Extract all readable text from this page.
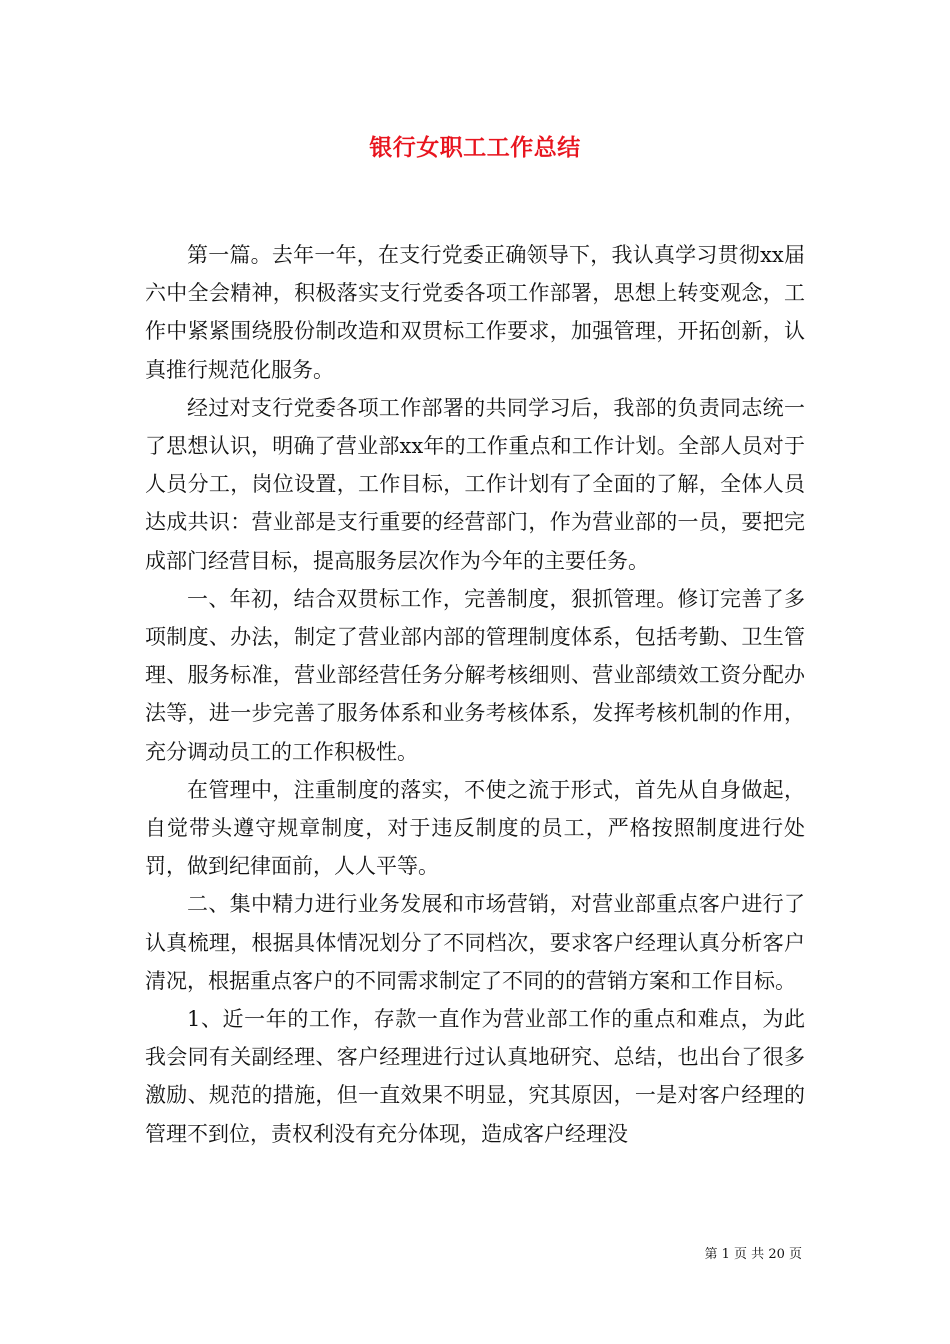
银行女职工工作总结

第一篇。去年一年，在支行党委正确领导下，我认真学习贯彻xx届六中全会精神，积极落实支行党委各项工作部署，思想上转变观念，工作中紧紧围绕股份制改造和双贯标工作要求，加强管理，开拓创新，认真推行规范化服务。

经过对支行党委各项工作部署的共同学习后，我部的负责同志统一了思想认识，明确了营业部xx年的工作重点和工作计划。全部人员对于人员分工，岗位设置，工作目标，工作计划有了全面的了解，全体人员达成共识：营业部是支行重要的经营部门，作为营业部的一员，要把完成部门经营目标，提高服务层次作为今年的主要任务。

一、年初，结合双贯标工作，完善制度，狠抓管理。修订完善了多项制度、办法，制定了营业部内部的管理制度体系，包括考勤、卫生管理、服务标准，营业部经营任务分解考核细则、营业部绩效工资分配办法等，进一步完善了服务体系和业务考核体系，发挥考核机制的作用，充分调动员工的工作积极性。

在管理中，注重制度的落实，不使之流于形式，首先从自身做起，自觉带头遵守规章制度，对于违反制度的员工，严格按照制度进行处罚，做到纪律面前，人人平等。

二、集中精力进行业务发展和市场营销，对营业部重点客户进行了认真梳理，根据具体情况划分了不同档次，要求客户经理认真分析客户清况，根据重点客户的不同需求制定了不同的的营销方案和工作目标。

1、近一年的工作，存款一直作为营业部工作的重点和难点，为此我会同有关副经理、客户经理进行过认真地研究、总结，也出台了很多激励、规范的措施，但一直效果不明显，究其原因，一是对客户经理的管理不到位，责权利没有充分体现，造成客户经理没

第 1 页 共 20 页
